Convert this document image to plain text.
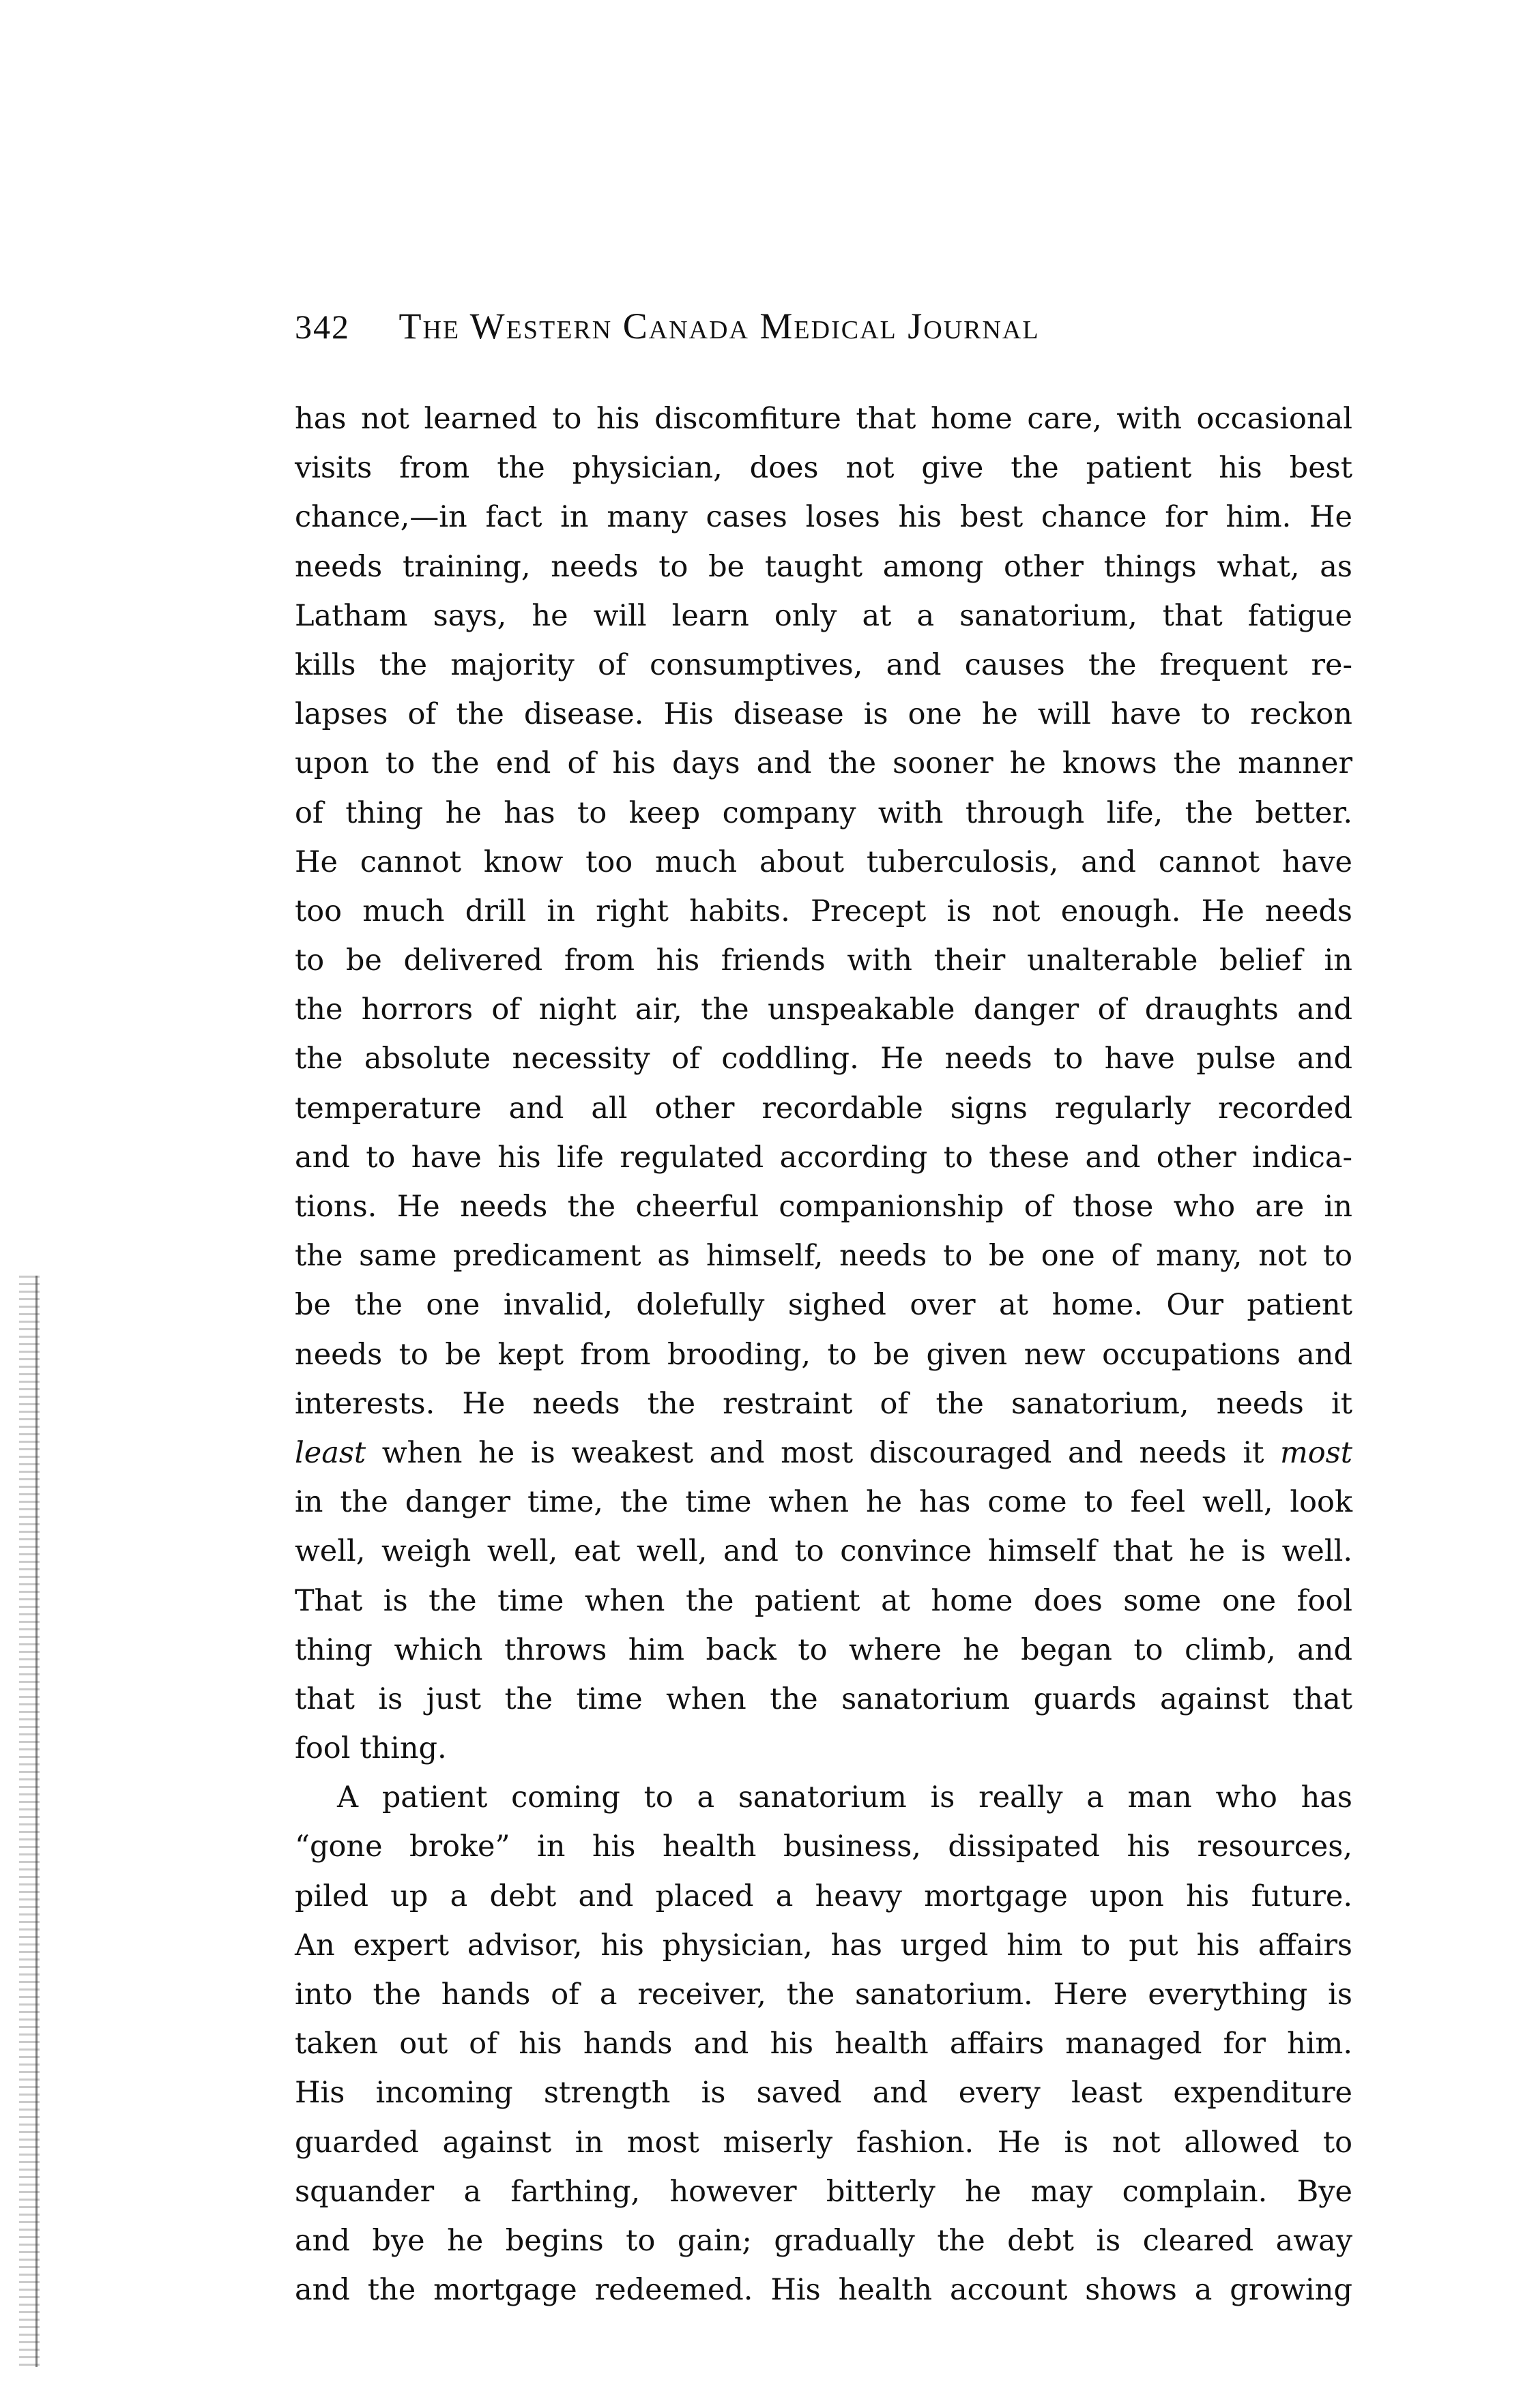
342 The Western Canada Medical Journal
has not learned to his discomfiture that home care, with occasional
visits from the physician, does not give the patient his best
chance,—in fact in many cases loses his best chance for him. He
needs training, needs to be taught among other things what, as
Latham says, he will learn only at a sanatorium, that fatigue
kills the majority of consumptives, and causes the frequent re-
lapses of the disease. His disease is one he will have to reckon
upon to the end of his days and the sooner he knows the manner
of thing he has to keep company with through life, the better.
He cannot know too much about tuberculosis, and cannot have
too much drill in right habits. Precept is not enough. He needs
to be delivered from his friends with their unalterable belief in
the horrors of night air, the unspeakable danger of draughts and
the absolute necessity of coddling. He needs to have pulse and
temperature and all other recordable signs regularly recorded
and to have his life regulated according to these and other indica-
tions. He needs the cheerful companionship of those who are in
the same predicament as himself, needs to be one of many, not to
be the one invalid, dolefully sighed over at home. Our patient
needs to be kept from brooding, to be given new occupations and
interests. He needs the restraint of the sanatorium, needs it
least when he is weakest and most discouraged and needs it most
in the danger time, the time when he has come to feel well, look
well, weigh well, eat well, and to convince himself that he is well.
That is the time when the patient at home does some one fool
thing which throws him back to where he began to climb, and
that is just the time when the sanatorium guards against that
fool thing.
A patient coming to a sanatorium is really a man who has
“gone broke” in his health business, dissipated his resources,
piled up a debt and placed a heavy mortgage upon his future.
An expert advisor, his physician, has urged him to put his affairs
into the hands of a receiver, the sanatorium. Here everything is
taken out of his hands and his health affairs managed for him.
His incoming strength is saved and every least expenditure
guarded against in most miserly fashion. He is not allowed to
squander a farthing, however bitterly he may complain. Bye
and bye he begins to gain; gradually the debt is cleared away
and the mortgage redeemed. His health account shows a growing
